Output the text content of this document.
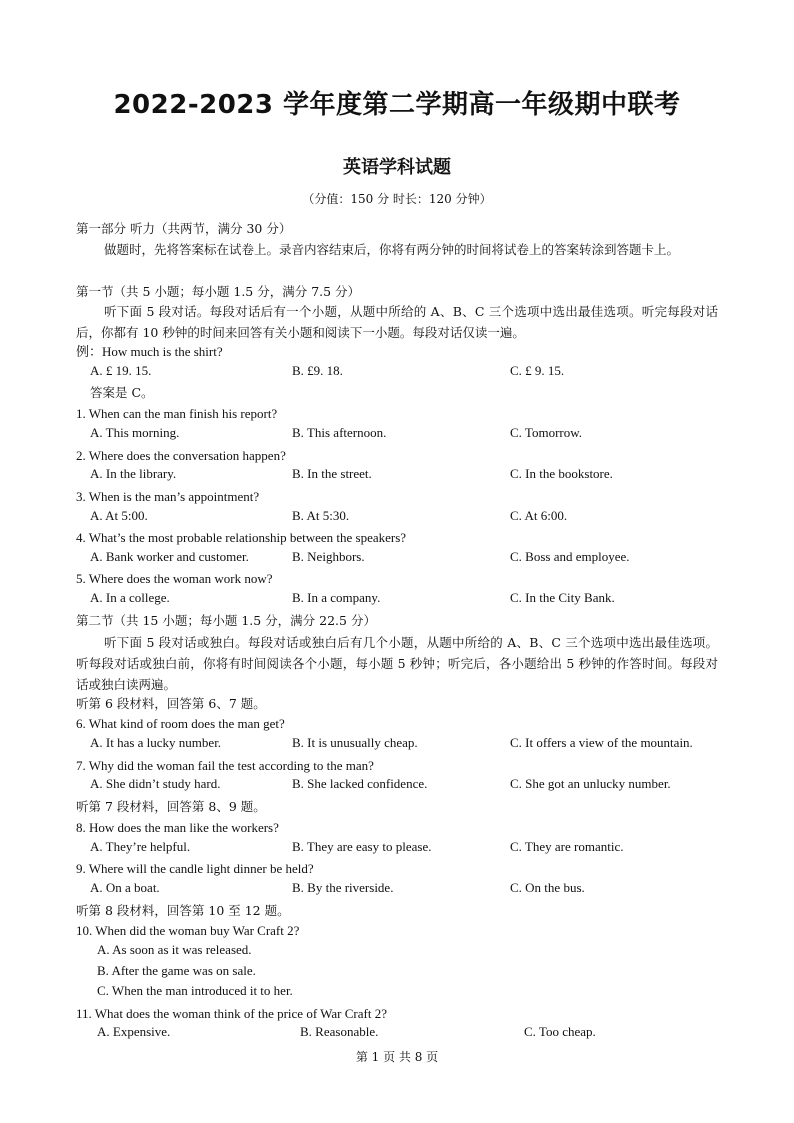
2022-2023 学年度第二学期高一年级期中联考
英语学科试题
（分值：150 分 时长：120 分钟）
第一部分 听力（共两节，满分 30 分）
做题时，先将答案标在试卷上。录音内容结束后，你将有两分钟的时间将试卷上的答案转涂到答题卡上。
第一节（共 5 小题；每小题 1.5 分，满分 7.5 分）
听下面 5 段对话。每段对话后有一个小题，从题中所给的 A、B、C 三个选项中选出最佳选项。听完每段对话后，你都有 10 秒钟的时间来回答有关小题和阅读下一小题。每段对话仅读一遍。
例：How much is the shirt?
A. £ 19. 15.	B. £9. 18.	C. £ 9. 15.
答案是 C。
1. When can the man finish his report?
A. This morning.	B. This afternoon.	C. Tomorrow.
2. Where does the conversation happen?
A. In the library.	B. In the street.	C. In the bookstore.
3. When is the man’s appointment?
A. At 5:00.	B. At 5:30.	C. At 6:00.
4. What’s the most probable relationship between the speakers?
A. Bank worker and customer.	B. Neighbors.	C. Boss and employee.
5. Where does the woman work now?
A. In a college.	B. In a company.	C. In the City Bank.
第二节（共 15 小题；每小题 1.5 分，满分 22.5 分）
听下面 5 段对话或独白。每段对话或独白后有几个小题，从题中所给的 A、B、C 三个选项中选出最佳选项。听每段对话或独白前，你将有时间阅读各个小题，每小题 5 秒钟；听完后，各小题给出 5 秒钟的作答时间。每段对话或独白读两遍。
听第 6 段材料，回答第 6、7 题。
6. What kind of room does the man get?
A. It has a lucky number.	B. It is unusually cheap.	C. It offers a view of the mountain.
7. Why did the woman fail the test according to the man?
A. She didn’t study hard.	B. She lacked confidence.	C. She got an unlucky number.
听第 7 段材料，回答第 8、9 题。
8. How does the man like the workers?
A. They’re helpful.	B. They are easy to please.	C. They are romantic.
9. Where will the candle light dinner be held?
A. On a boat.	B. By the riverside.	C. On the bus.
听第 8 段材料，回答第 10 至 12 题。
10. When did the woman buy War Craft 2?
A. As soon as it was released.
B. After the game was on sale.
C. When the man introduced it to her.
11. What does the woman think of the price of War Craft 2?
A. Expensive.	B. Reasonable.	C. Too cheap.
第 1 页 共 8 页
